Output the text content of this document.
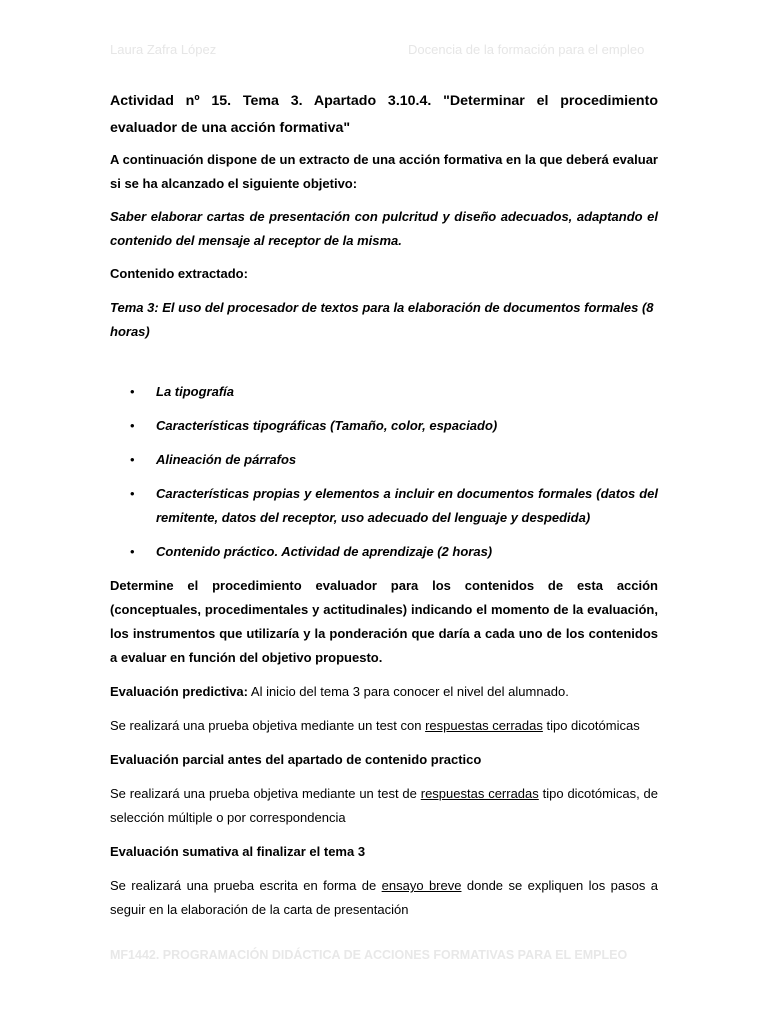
Laura Zafra López	Docencia de la formación para el empleo

Actividad nº 15. Tema 3. Apartado 3.10.4. "Determinar el procedimiento evaluador de una acción formativa"

A continuación dispone de un extracto de una acción formativa en la que deberá evaluar si se ha alcanzado el siguiente objetivo:

Saber elaborar cartas de presentación con pulcritud y diseño adecuados, adaptando el contenido del mensaje al receptor de la misma.

Contenido extractado:

Tema 3: El uso del procesador de textos para la elaboración de documentos formales (8 horas)

• La tipografía
• Características tipográficas (Tamaño, color, espaciado)
• Alineación de párrafos
• Características propias y elementos a incluir en documentos formales (datos del remitente, datos del receptor, uso adecuado del lenguaje y despedida)
• Contenido práctico. Actividad de aprendizaje (2 horas)

Determine el procedimiento evaluador para los contenidos de esta acción (conceptuales, procedimentales y actitudinales) indicando el momento de la evaluación, los instrumentos que utilizaría y la ponderación que daría a cada uno de los contenidos a evaluar en función del objetivo propuesto.

Evaluación predictiva: Al inicio del tema 3 para conocer el nivel del alumnado.

Se realizará una prueba objetiva mediante un test con respuestas cerradas tipo dicotómicas

Evaluación parcial antes del apartado de contenido practico

Se realizará una prueba objetiva mediante un test de respuestas cerradas tipo dicotómicas, de selección múltiple o por correspondencia

Evaluación sumativa al finalizar el tema 3

Se realizará una prueba escrita en forma de ensayo breve donde se expliquen los pasos a seguir en la elaboración de la carta de presentación

MF1442. PROGRAMACIÓN DIDÁCTICA DE ACCIONES FORMATIVAS PARA EL EMPLEO
